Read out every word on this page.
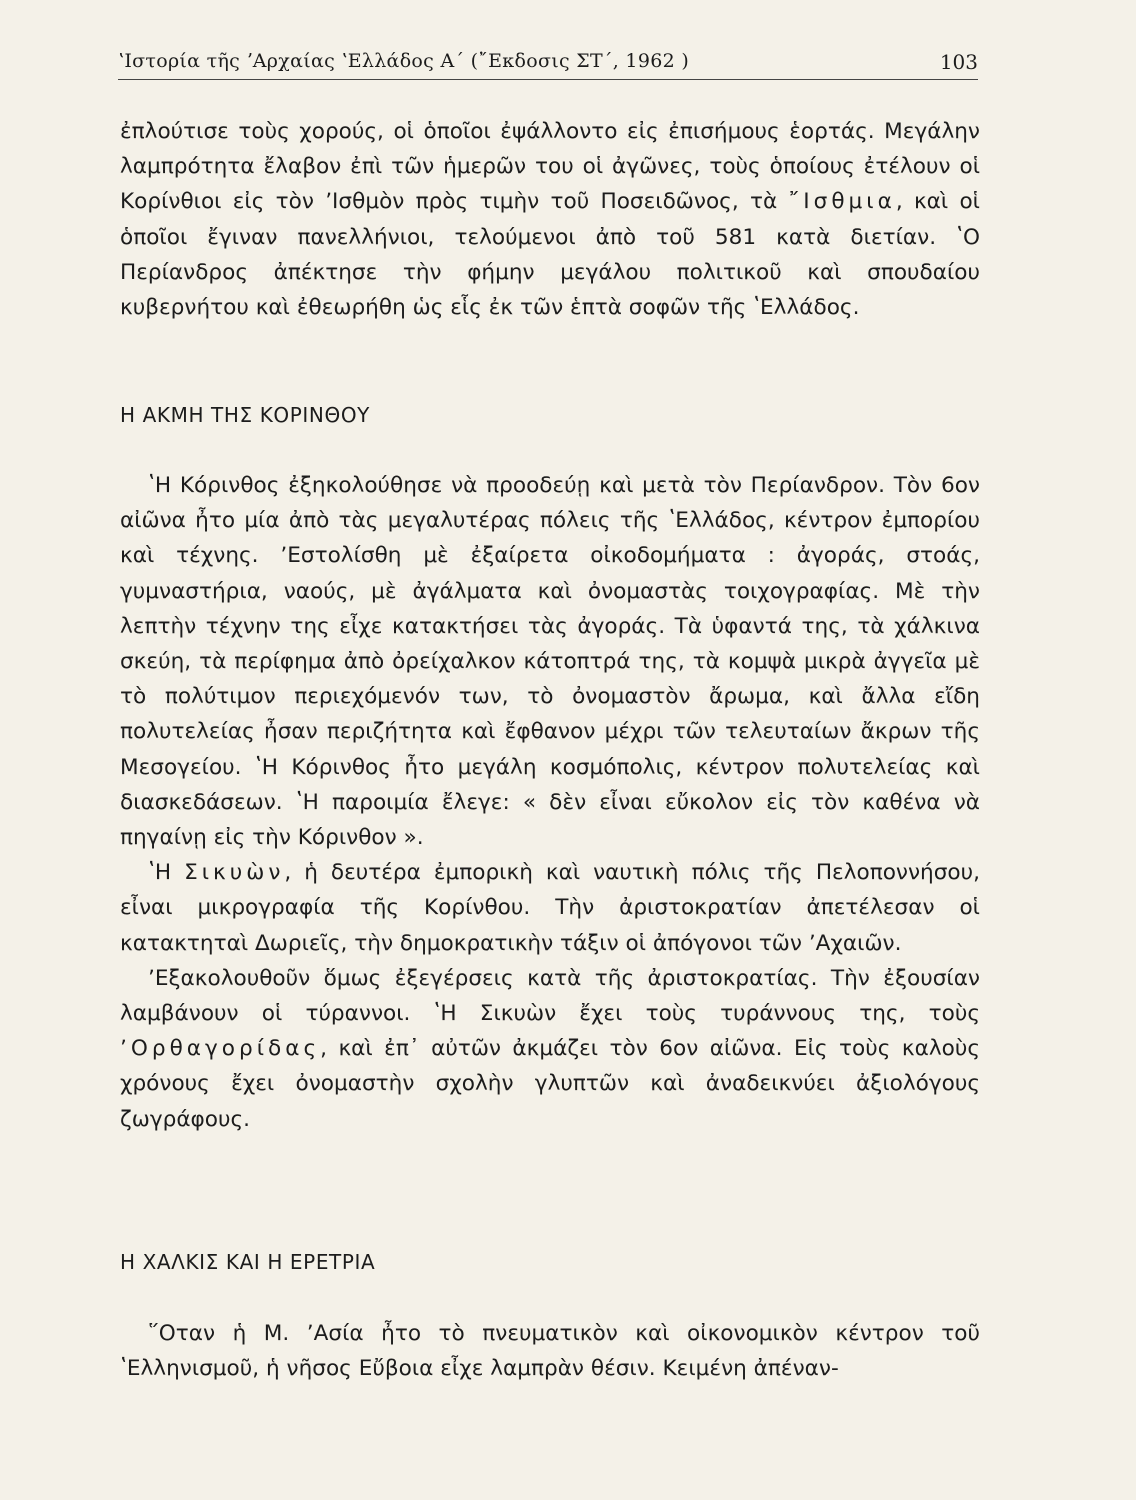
ʽΙστορία τῆς ʼΑρχαίας ʽΕλλάδος Α΄ (῎Εκδοσις ΣΤ΄, 1962 )	103

ἐπλούτισε τοὺς χορούς, οἱ ὁποῖοι ἐψάλλοντο εἰς ἐπισήμους ἑορτάς. Μεγάλην λαμπρότητα ἔλαβον ἐπὶ τῶν ἡμερῶν του οἱ ἀγῶνες, τοὺς ὁποίους ἐτέλουν οἱ Κορίνθιοι εἰς τὸν ʼΙσθμὸν πρὸς τιμὴν τοῦ Ποσειδῶνος, τὰ ῎Ισθμια, καὶ οἱ ὁποῖοι ἔγιναν πανελλήνιοι, τελούμενοι ἀπὸ τοῦ 581 κατὰ διετίαν. ʽΟ Περίανδρος ἀπέκτησε τὴν φήμην μεγάλου πολιτικοῦ καὶ σπουδαίου κυβερνήτου καὶ ἐθεωρήθη ὡς εἷς ἐκ τῶν ἑπτὰ σοφῶν τῆς ʽΕλλάδος.

Η ΑΚΜΗ ΤΗΣ ΚΟΡΙΝΘΟΥ

ʽΗ Κόρινθος ἐξηκολούθησε νὰ προοδεύῃ καὶ μετὰ τὸν Περίανδρον. Τὸν 6ον αἰῶνα ἦτο μία ἀπὸ τὰς μεγαλυτέρας πόλεις τῆς ʽΕλλάδος, κέντρον ἐμπορίου καὶ τέχνης. ʼΕστολίσθη μὲ ἐξαίρετα οἰκοδομήματα : ἀγοράς, στοάς, γυμναστήρια, ναούς, μὲ ἀγάλματα καὶ ὀνομαστὰς τοιχογραφίας. Μὲ τὴν λεπτὴν τέχνην της εἶχε κατακτήσει τὰς ἀγοράς. Τὰ ὑφαντά της, τὰ χάλκινα σκεύη, τὰ περίφημα ἀπὸ ὀρείχαλκον κάτοπτρά της, τὰ κομψὰ μικρὰ ἀγγεῖα μὲ τὸ πολύτιμον περιεχόμενόν των, τὸ ὀνομαστὸν ἄρωμα, καὶ ἄλλα εἴδη πολυτελείας ἦσαν περιζήτητα καὶ ἔφθανον μέχρι τῶν τελευταίων ἄκρων τῆς Μεσογείου. ʽΗ Κόρινθος ἦτο μεγάλη κοσμόπολις, κέντρον πολυτελείας καὶ διασκεδάσεων. ʽΗ παροιμία ἔλεγε: « δὲν εἶναι εὔκολον εἰς τὸν καθένα νὰ πηγαίνῃ εἰς τὴν Κόρινθον ».

ʽΗ Σικυὼν, ἡ δευτέρα ἐμπορικὴ καὶ ναυτικὴ πόλις τῆς Πελοποννήσου, εἶναι μικρογραφία τῆς Κορίνθου. Τὴν ἀριστοκρατίαν ἀπετέλεσαν οἱ κατακτηταὶ Δωριεῖς, τὴν δημοκρατικὴν τάξιν οἱ ἀπόγονοι τῶν ʼΑχαιῶν.

ʼΕξακολουθοῦν ὅμως ἐξεγέρσεις κατὰ τῆς ἀριστοκρατίας. Τὴν ἐξουσίαν λαμβάνουν οἱ τύραννοι. ʽΗ Σικυὼν ἔχει τοὺς τυράννους της, τοὺς ʼΟρθαγορίδας, καὶ ἐπ᾽ αὐτῶν ἀκμάζει τὸν 6ον αἰῶνα. Εἰς τοὺς καλοὺς χρόνους ἔχει ὀνομαστὴν σχολὴν γλυπτῶν καὶ ἀναδεικνύει ἀξιολόγους ζωγράφους.

Η ΧΑΛΚΙΣ ΚΑΙ Η ΕΡΕΤΡΙΑ

῞Οταν ἡ Μ. ʼΑσία ἦτο τὸ πνευματικὸν καὶ οἰκονομικὸν κέντρον τοῦ ʽΕλληνισμοῦ, ἡ νῆσος Εὔβοια εἶχε λαμπρὰν θέσιν. Κειμένη ἀπέναν-
